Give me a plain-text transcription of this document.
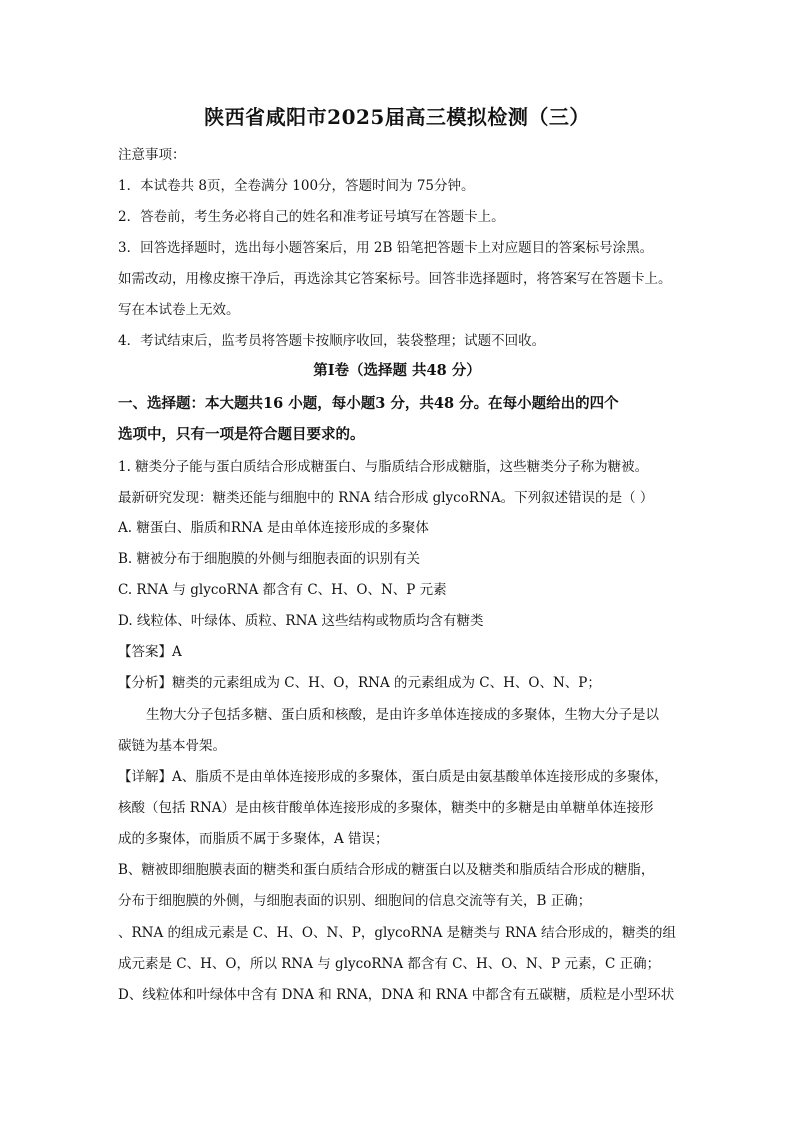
陕西省咸阳市2025届高三模拟检测（三）
注意事项：
1．本试卷共 8页，全卷满分 100分，答题时间为 75分钟。
2．答卷前，考生务必将自己的姓名和准考证号填写在答题卡上。
3．回答选择题时，选出每小题答案后，用 2B 铅笔把答题卡上对应题目的答案标号涂黑。
如需改动，用橡皮擦干净后，再选涂其它答案标号。回答非选择题时，将答案写在答题卡上。
写在本试卷上无效。
4．考试结束后，监考员将答题卡按顺序收回，装袋整理；试题不回收。
第Ⅰ卷（选择题 共48 分）
一、选择题：本大题共16 小题，每小题3 分，共48 分。在每小题给出的四个
选项中，只有一项是符合题目要求的。
1. 糖类分子能与蛋白质结合形成糖蛋白、与脂质结合形成糖脂，这些糖类分子称为糖被。
最新研究发现：糖类还能与细胞中的 RNA 结合形成 glycoRNA。下列叙述错误的是（ ）
A. 糖蛋白、脂质和RNA 是由单体连接形成的多聚体
B. 糖被分布于细胞膜的外侧与细胞表面的识别有关
C. RNA 与 glycoRNA 都含有 C、H、O、N、P 元素
D. 线粒体、叶绿体、质粒、RNA 这些结构或物质均含有糖类
【答案】A
【分析】糖类的元素组成为 C、H、O，RNA 的元素组成为 C、H、O、N、P；
生物大分子包括多糖、蛋白质和核酸，是由许多单体连接成的多聚体，生物大分子是以
碳链为基本骨架。
【详解】A、脂质不是由单体连接形成的多聚体，蛋白质是由氨基酸单体连接形成的多聚体，
核酸（包括 RNA）是由核苷酸单体连接形成的多聚体，糖类中的多糖是由单糖单体连接形
成的多聚体，而脂质不属于多聚体，A 错误；
B、糖被即细胞膜表面的糖类和蛋白质结合形成的糖蛋白以及糖类和脂质结合形成的糖脂，
分布于细胞膜的外侧，与细胞表面的识别、细胞间的信息交流等有关，B 正确；
、RNA 的组成元素是 C、H、O、N、P，glycoRNA 是糖类与 RNA 结合形成的，糖类的组
成元素是 C、H、O，所以 RNA 与 glycoRNA 都含有 C、H、O、N、P 元素，C 正确；
D、线粒体和叶绿体中含有 DNA 和 RNA，DNA 和 RNA 中都含有五碳糖，质粒是小型环状
